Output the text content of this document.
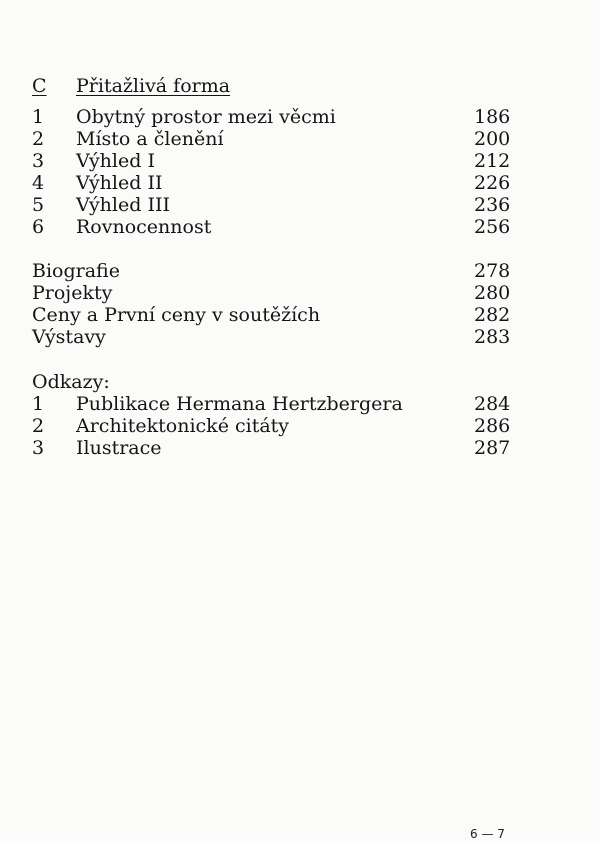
C Přitažlivá forma
1 Obytný prostor mezi věcmi	186
2 Místo a členění	200
3 Výhled I	212
4 Výhled II	226
5 Výhled III	236
6 Rovnocennost	256
Biografie	278
Projekty	280
Ceny a První ceny v soutěžích	282
Výstavy	283
Odkazy:
1 Publikace Hermana Hertzbergera	284
2 Architektonické citáty	286
3 Ilustrace	287
6 — 7
